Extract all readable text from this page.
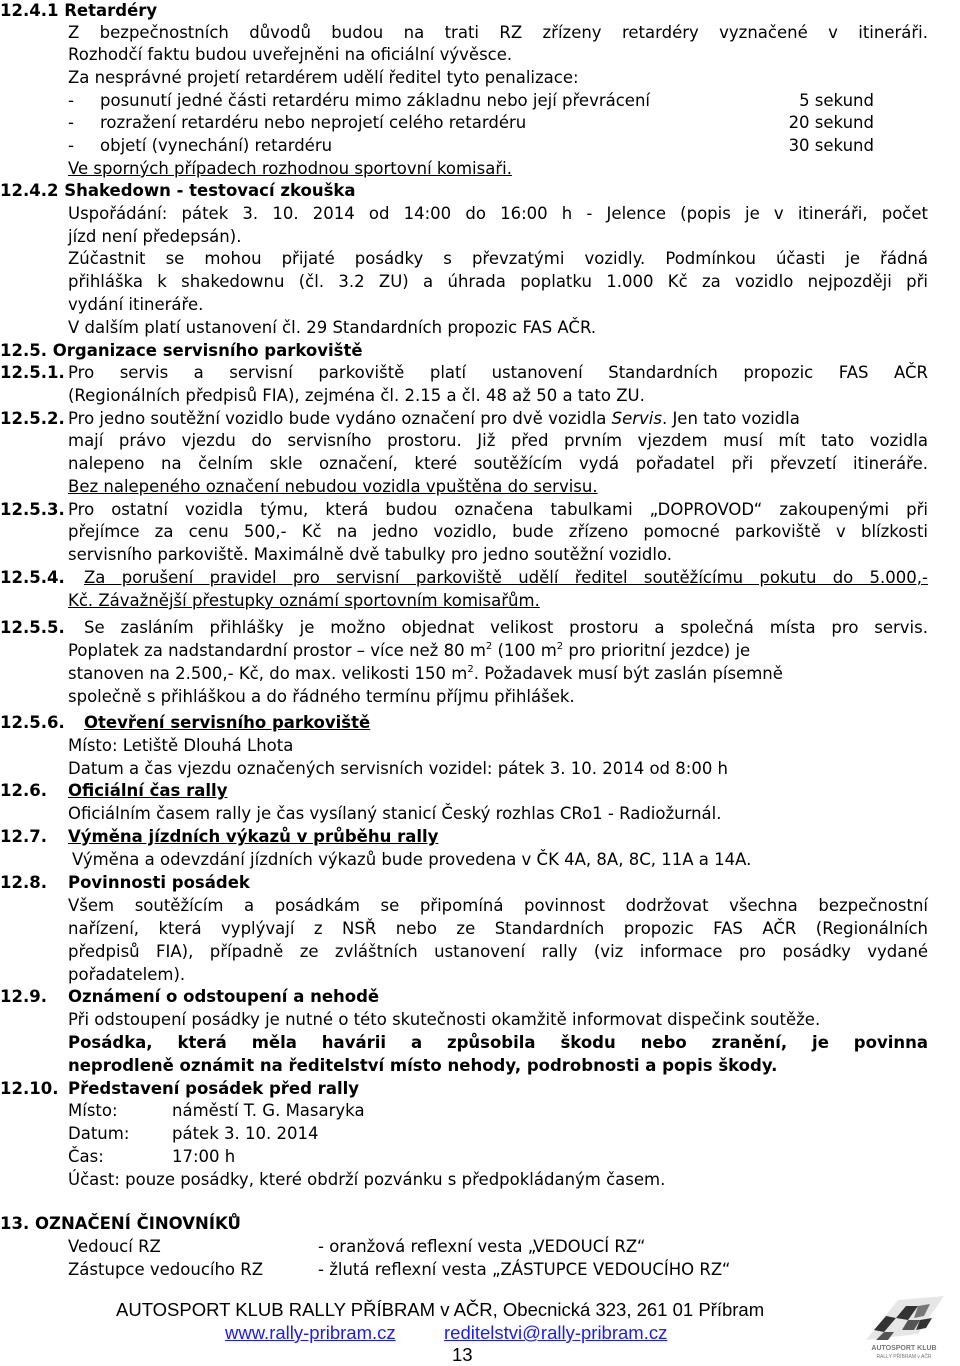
12.4.1 Retardéry
Z bezpečnostních důvodů budou na trati RZ zřízeny retardéry vyznačené v itineráři.
Rozhodčí faktu budou uveřejněni na oficiální vývěsce.
Za nesprávné projetí retardérem udělí ředitel tyto penalizace:
- posunutí jedné části retardéru mimo základnu nebo její převrácení	5 sekund
- rozražení retardéru nebo neprojetí celého retardéru	20 sekund
- objetí (vynechání) retardéru	30 sekund
Ve sporných případech rozhodnou sportovní komisaři.
12.4.2 Shakedown - testovací zkouška
Uspořádání: pátek 3. 10. 2014 od 14:00 do 16:00 h - Jelence (popis je v itineráři, počet
jízd není předepsán).
Zúčastnit se mohou přijaté posádky s převzatými vozidly. Podmínkou účasti je řádná
přihláška k shakedownu (čl. 3.2 ZU) a úhrada poplatku 1.000 Kč za vozidlo nejpozději při
vydání itineráře.
V dalším platí ustanovení čl. 29 Standardních propozic FAS AČR.
12.5. Organizace servisního parkoviště
12.5.1. Pro servis a servisní parkoviště platí ustanovení Standardních propozic FAS AČR
(Regionálních předpisů FIA), zejména čl. 2.15 a čl. 48 až 50 a tato ZU.
12.5.2. Pro jedno soutěžní vozidlo bude vydáno označení pro dvě vozidla Servis. Jen tato vozidla
mají právo vjezdu do servisního prostoru. Již před prvním vjezdem musí mít tato vozidla
nalepeno na čelním skle označení, které soutěžícím vydá pořadatel při převzetí itineráře.
Bez nalepeného označení nebudou vozidla vpuštěna do servisu.
12.5.3. Pro ostatní vozidla týmu, která budou označena tabulkami „DOPROVOD“ zakoupenými při
přejímce za cenu 500,- Kč na jedno vozidlo, bude zřízeno pomocné parkoviště v blízkosti
servisního parkoviště. Maximálně dvě tabulky pro jedno soutěžní vozidlo.
12.5.4. Za porušení pravidel pro servisní parkoviště udělí ředitel soutěžícímu pokutu do 5.000,-
Kč. Závažnější přestupky oznámí sportovním komisařům.
12.5.5. Se zasláním přihlášky je možno objednat velikost prostoru a společná místa pro servis.
Poplatek za nadstandardní prostor – více než 80 $m^2$ (100 $m^2$ pro prioritní jezdce) je
stanoven na 2.500,- Kč, do max. velikosti 150 $m^2$. Požadavek musí být zaslán písemně
společně s přihláškou a do řádného termínu příjmu přihlášek.
12.5.6. Otevření servisního parkoviště
Místo: Letiště Dlouhá Lhota
Datum a čas vjezdu označených servisních vozidel: pátek 3. 10. 2014 od 8:00 h
12.6. Oficiální čas rally
Oficiálním časem rally je čas vysílaný stanicí Český rozhlas CRo1 - Radiožurnál.
12.7. Výměna jízdních výkazů v průběhu rally
Výměna a odevzdání jízdních výkazů bude provedena v ČK 4A, 8A, 8C, 11A a 14A.
12.8. Povinnosti posádek
Všem soutěžícím a posádkám se připomíná povinnost dodržovat všechna bezpečnostní
nařízení, která vyplývají z NSŘ nebo ze Standardních propozic FAS AČR (Regionálních
předpisů FIA), případně ze zvláštních ustanovení rally (viz informace pro posádky vydané
pořadatelem).
12.9. Oznámení o odstoupení a nehodě
Při odstoupení posádky je nutné o této skutečnosti okamžitě informovat dispečink soutěže.
Posádka, která měla havárii a způsobila škodu nebo zranění, je povinna
neprodleně oznámit na ředitelství místo nehody, podrobnosti a popis škody.
12.10. Představení posádek před rally
Místo:	náměstí T. G. Masaryka
Datum:	pátek 3. 10. 2014
Čas:	17:00 h
Účast: pouze posádky, které obdrží pozvánku s předpokládaným časem.
13. OZNAČENÍ ČINOVNÍKŮ
Vedoucí RZ	- oranžová reflexní vesta „VEDOUCÍ RZ“
Zástupce vedoucího RZ	- žlutá reflexní vesta „ZÁSTUPCE VEDOUCÍHO RZ“
AUTOSPORT KLUB RALLY PŘÍBRAM v AČR, Obecnická 323, 261 01 Příbram
www.rally-pribram.cz	reditelstvi@rally-pribram.cz
13	AUTOSPORT KLUB
RALLY PŘÍBRAM v AČR
